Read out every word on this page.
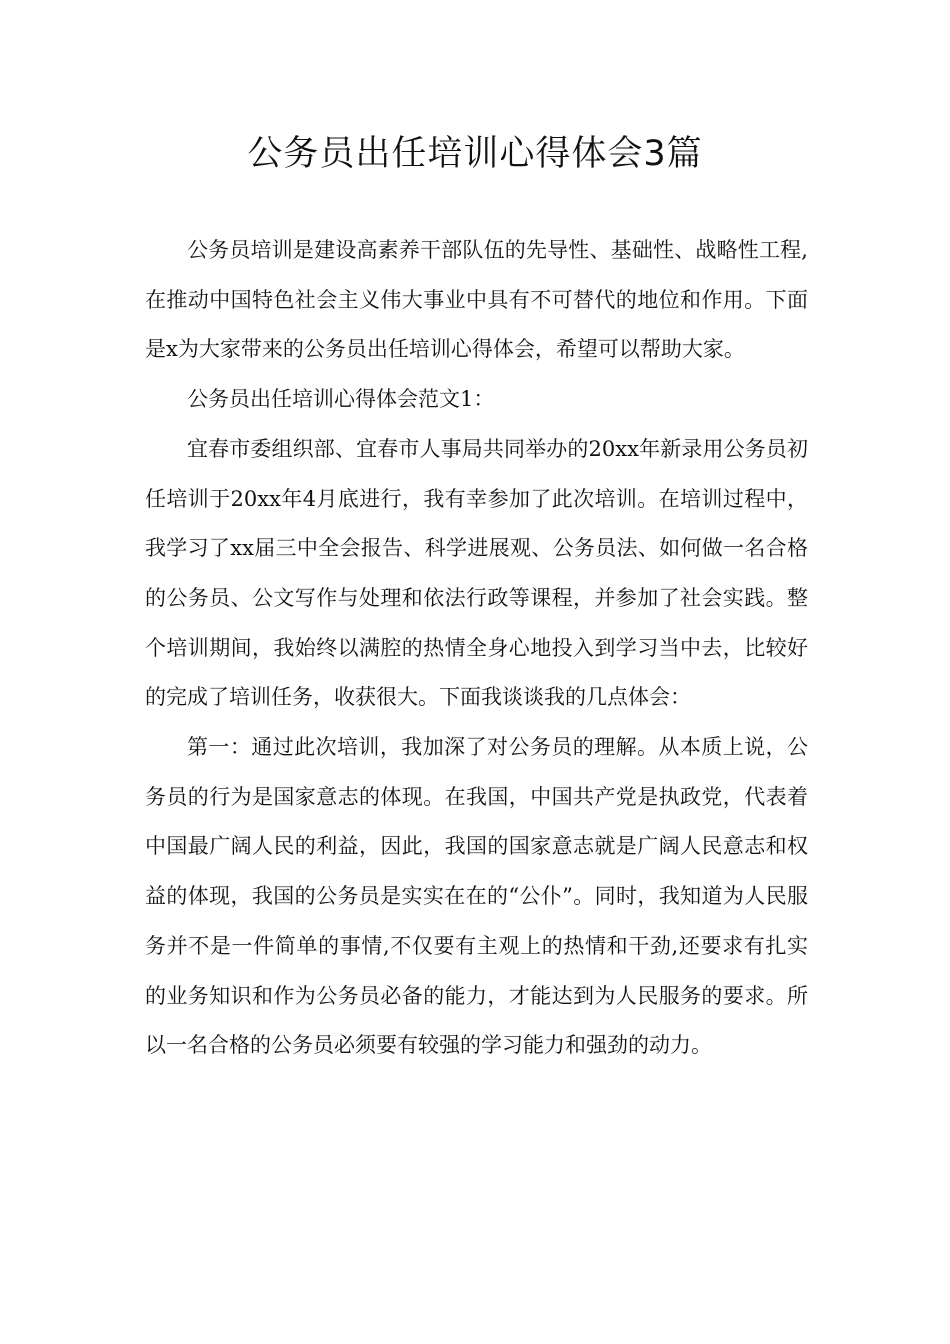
公务员出任培训心得体会3篇

公务员培训是建设高素养干部队伍的先导性、基础性、战略性工程,在推动中国特色社会主义伟大事业中具有不可替代的地位和作用。下面是x为大家带来的公务员出任培训心得体会，希望可以帮助大家。

公务员出任培训心得体会范文1：

宜春市委组织部、宜春市人事局共同举办的20xx年新录用公务员初任培训于20xx年4月底进行，我有幸参加了此次培训。在培训过程中，我学习了xx届三中全会报告、科学进展观、公务员法、如何做一名合格的公务员、公文写作与处理和依法行政等课程，并参加了社会实践。整个培训期间，我始终以满腔的热情全身心地投入到学习当中去，比较好的完成了培训任务，收获很大。下面我谈谈我的几点体会：

第一：通过此次培训，我加深了对公务员的理解。从本质上说，公务员的行为是国家意志的体现。在我国，中国共产党是执政党，代表着中国最广阔人民的利益，因此，我国的国家意志就是广阔人民意志和权益的体现，我国的公务员是实实在在的“公仆”。同时，我知道为人民服务并不是一件简单的事情,不仅要有主观上的热情和干劲,还要求有扎实的业务知识和作为公务员必备的能力，才能达到为人民服务的要求。所以一名合格的公务员必须要有较强的学习能力和强劲的动力。
